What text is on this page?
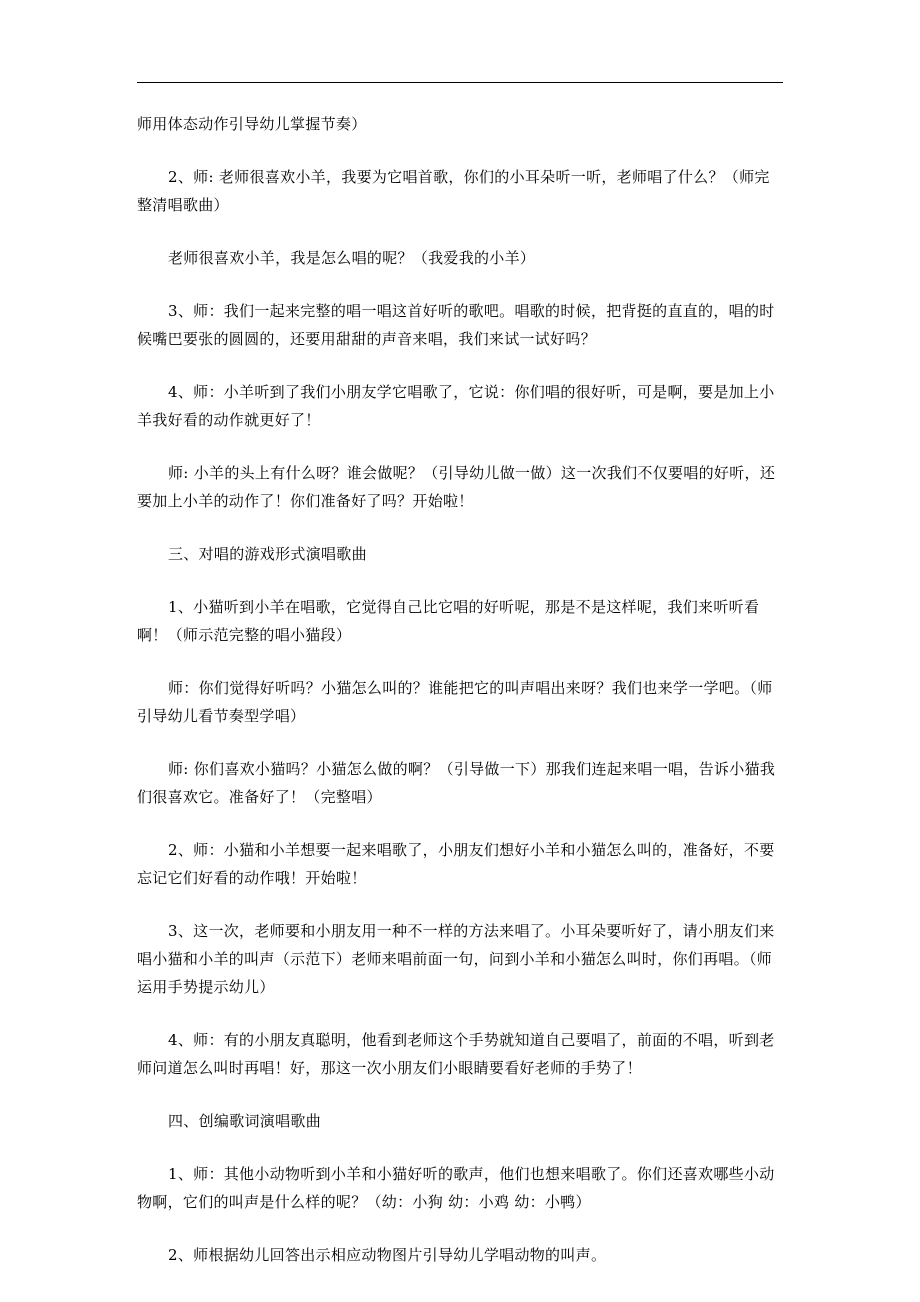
师用体态动作引导幼儿掌握节奏）

2、师: 老师很喜欢小羊，我要为它唱首歌，你们的小耳朵听一听，老师唱了什么？（师完整清唱歌曲）

老师很喜欢小羊，我是怎么唱的呢？（我爱我的小羊）

3、师：我们一起来完整的唱一唱这首好听的歌吧。唱歌的时候，把背挺的直直的，唱的时候嘴巴要张的圆圆的，还要用甜甜的声音来唱，我们来试一试好吗？

4、师：小羊听到了我们小朋友学它唱歌了，它说：你们唱的很好听，可是啊，要是加上小羊我好看的动作就更好了！

师: 小羊的头上有什么呀？谁会做呢？（引导幼儿做一做）这一次我们不仅要唱的好听，还要加上小羊的动作了！你们准备好了吗？开始啦！

三、对唱的游戏形式演唱歌曲

1、小猫听到小羊在唱歌，它觉得自己比它唱的好听呢，那是不是这样呢，我们来听听看啊！（师示范完整的唱小猫段）

师：你们觉得好听吗？小猫怎么叫的？谁能把它的叫声唱出来呀？我们也来学一学吧。（师引导幼儿看节奏型学唱）

师: 你们喜欢小猫吗？小猫怎么做的啊？（引导做一下）那我们连起来唱一唱，告诉小猫我们很喜欢它。准备好了！（完整唱）

2、师：小猫和小羊想要一起来唱歌了，小朋友们想好小羊和小猫怎么叫的，准备好，不要忘记它们好看的动作哦！开始啦！

3、这一次，老师要和小朋友用一种不一样的方法来唱了。小耳朵要听好了，请小朋友们来唱小猫和小羊的叫声（示范下）老师来唱前面一句，问到小羊和小猫怎么叫时，你们再唱。（师运用手势提示幼儿）

4、师：有的小朋友真聪明，他看到老师这个手势就知道自己要唱了，前面的不唱，听到老师问道怎么叫时再唱！好，那这一次小朋友们小眼睛要看好老师的手势了！

四、创编歌词演唱歌曲

1、师：其他小动物听到小羊和小猫好听的歌声，他们也想来唱歌了。你们还喜欢哪些小动物啊，它们的叫声是什么样的呢？（幼：小狗 幼：小鸡 幼：小鸭）

2、师根据幼儿回答出示相应动物图片引导幼儿学唱动物的叫声。
